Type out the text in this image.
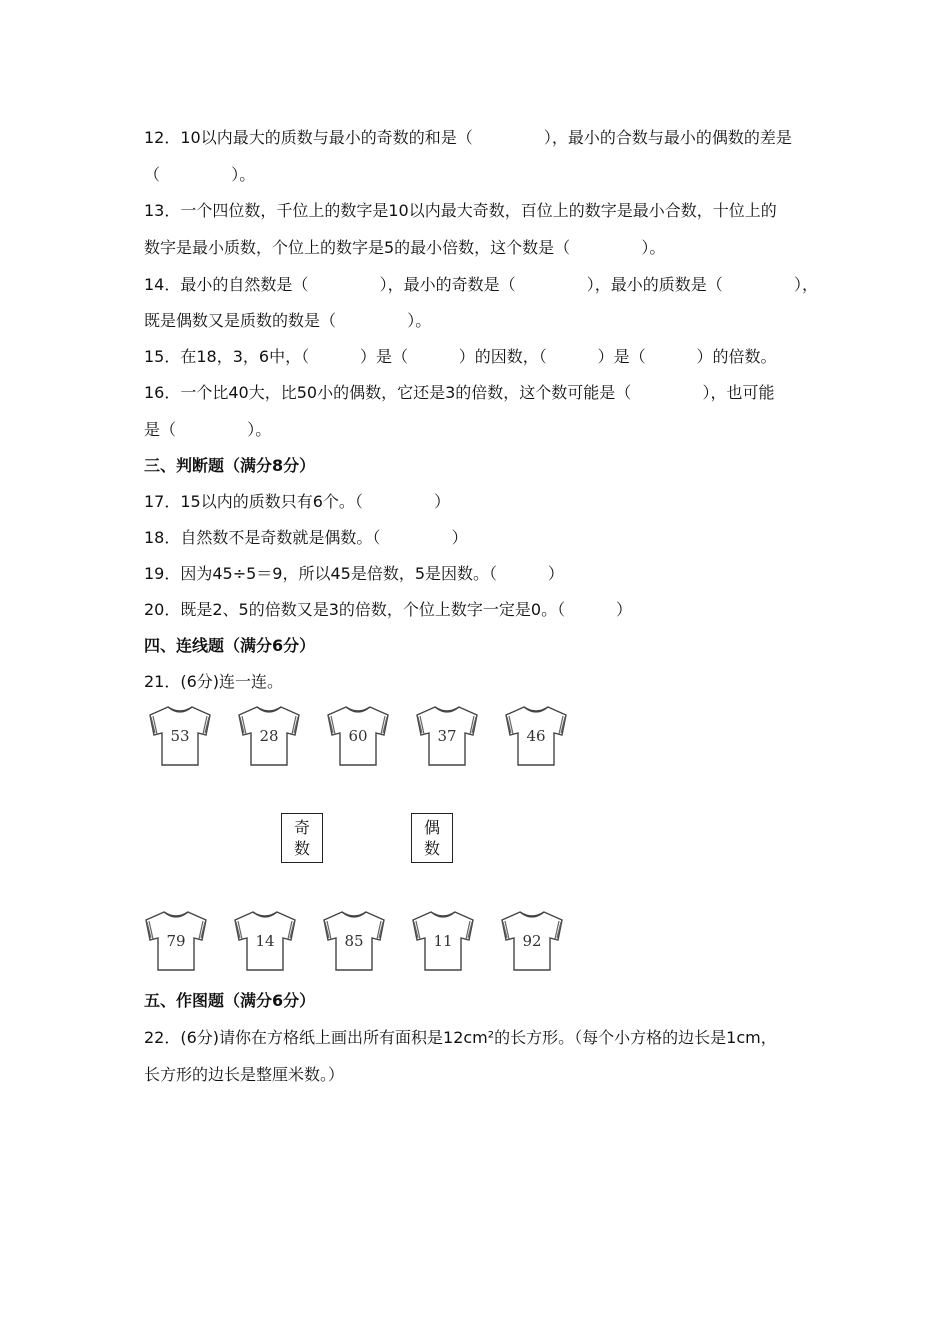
12．10以内最大的质数与最小的奇数的和是（              ），最小的合数与最小的偶数的差是
（              ）。
13．一个四位数，千位上的数字是10以内最大奇数，百位上的数字是最小合数，十位上的
数字是最小质数，个位上的数字是5的最小倍数，这个数是（              ）。
14．最小的自然数是（              ），最小的奇数是（              ），最小的质数是（              ），
既是偶数又是质数的数是（              ）。
15．在18，3，6中，（          ）是（          ）的因数，（          ）是（          ）的倍数。
16．一个比40大，比50小的偶数，它还是3的倍数，这个数可能是（              ），也可能
是（              ）。
三、判断题（满分8分）
17．15以内的质数只有6个。（              ）
18．自然数不是奇数就是偶数。（              ）
19．因为45÷5＝9，所以45是倍数，5是因数。（          ）
20．既是2、5的倍数又是3的倍数，个位上数字一定是0。（          ）
四、连线题（满分6分）
21．(6分)连一连。
53	28	60	37	46
奇
数
偶
数
79	14	85	11	92
五、作图题（满分6分）
22．(6分)请你在方格纸上画出所有面积是12cm²的长方形。（每个小方格的边长是1cm，
长方形的边长是整厘米数。）
